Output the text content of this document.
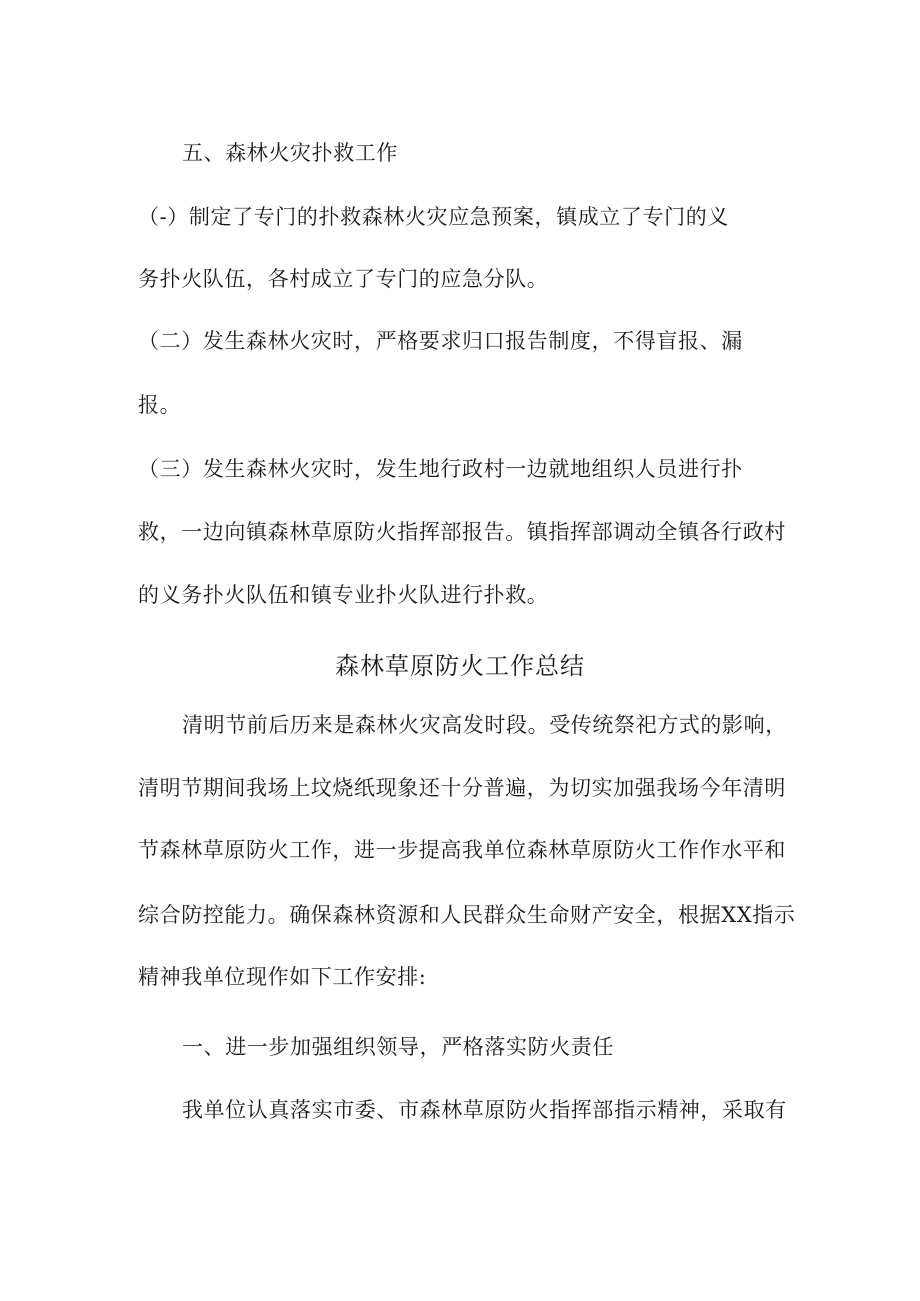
五、森林火灾扑救工作
（-）制定了专门的扑救森林火灾应急预案，镇成立了专门的义
务扑火队伍，各村成立了专门的应急分队。
（二）发生森林火灾时，严格要求归口报告制度，不得盲报、漏
报。
（三）发生森林火灾时，发生地行政村一边就地组织人员进行扑
救，一边向镇森林草原防火指挥部报告。镇指挥部调动全镇各行政村
的义务扑火队伍和镇专业扑火队进行扑救。
森林草原防火工作总结
清明节前后历来是森林火灾高发时段。受传统祭祀方式的影响，
清明节期间我场上坟烧纸现象还十分普遍，为切实加强我场今年清明
节森林草原防火工作，进一步提高我单位森林草原防火工作作水平和
综合防控能力。确保森林资源和人民群众生命财产安全，根据XX指示
精神我单位现作如下工作安排:
一、进一步加强组织领导，严格落实防火责任
我单位认真落实市委、市森林草原防火指挥部指示精神，采取有
